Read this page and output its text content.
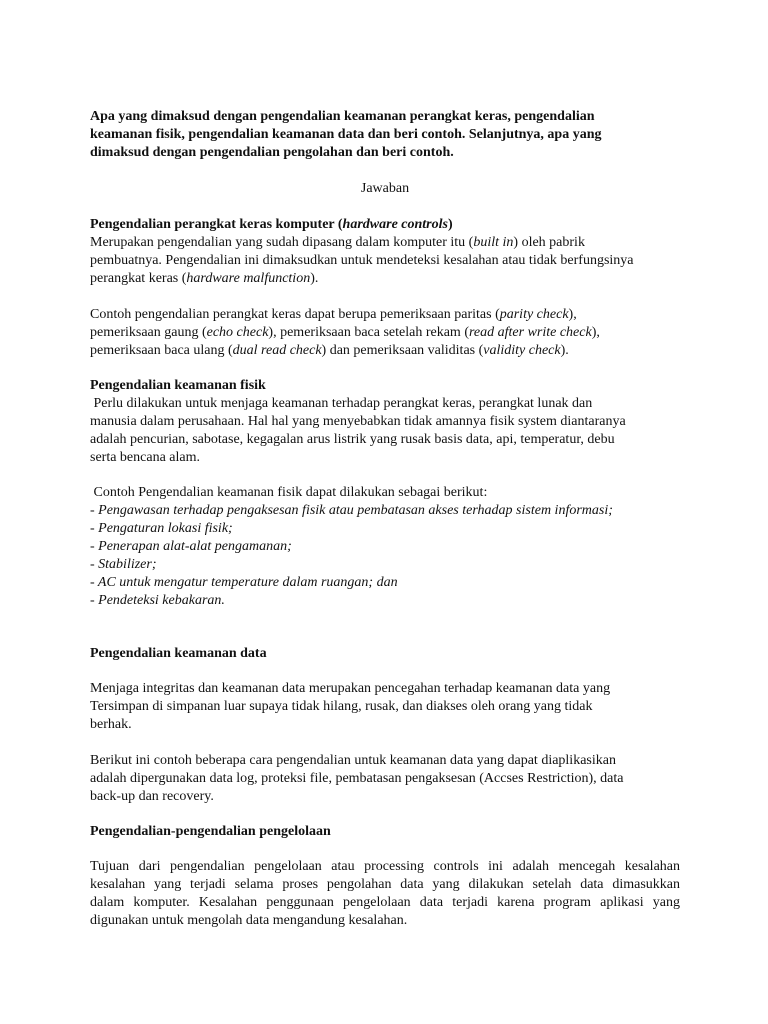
Apa yang dimaksud dengan pengendalian keamanan perangkat keras, pengendalian
keamanan fisik, pengendalian keamanan data dan beri contoh. Selanjutnya, apa yang
dimaksud dengan pengendalian pengolahan dan beri contoh.
Jawaban
Pengendalian perangkat keras komputer (hardware controls)
Merupakan pengendalian yang sudah dipasang dalam komputer itu (built in) oleh pabrik
pembuatnya. Pengendalian ini dimaksudkan untuk mendeteksi kesalahan atau tidak berfungsinya
perangkat keras (hardware malfunction).
Contoh pengendalian perangkat keras dapat berupa pemeriksaan paritas (parity check),
pemeriksaan gaung (echo check), pemeriksaan baca setelah rekam (read after write check),
pemeriksaan baca ulang (dual read check) dan pemeriksaan validitas (validity check).
Pengendalian keamanan fisik
Perlu dilakukan untuk menjaga keamanan terhadap perangkat keras, perangkat lunak dan
manusia dalam perusahaan. Hal hal yang menyebabkan tidak amannya fisik system diantaranya
adalah pencurian, sabotase, kegagalan arus listrik yang rusak basis data, api, temperatur, debu
serta bencana alam.
Contoh Pengendalian keamanan fisik dapat dilakukan sebagai berikut:
- Pengawasan terhadap pengaksesan fisik atau pembatasan akses terhadap sistem informasi;
- Pengaturan lokasi fisik;
- Penerapan alat-alat pengamanan;
- Stabilizer;
- AC untuk mengatur temperature dalam ruangan; dan
- Pendeteksi kebakaran.
Pengendalian keamanan data
Menjaga integritas dan keamanan data merupakan pencegahan terhadap keamanan data yang
Tersimpan di simpanan luar supaya tidak hilang, rusak, dan diakses oleh orang yang tidak
berhak.
Berikut ini contoh beberapa cara pengendalian untuk keamanan data yang dapat diaplikasikan
adalah dipergunakan data log, proteksi file, pembatasan pengaksesan (Accses Restriction), data
back-up dan recovery.
Pengendalian-pengendalian pengelolaan
Tujuan dari pengendalian pengelolaan atau processing controls ini adalah mencegah kesalahan
kesalahan yang terjadi selama proses pengolahan data yang dilakukan setelah data dimasukkan
dalam komputer. Kesalahan penggunaan pengelolaan data terjadi karena program aplikasi yang
digunakan untuk mengolah data mengandung kesalahan.
